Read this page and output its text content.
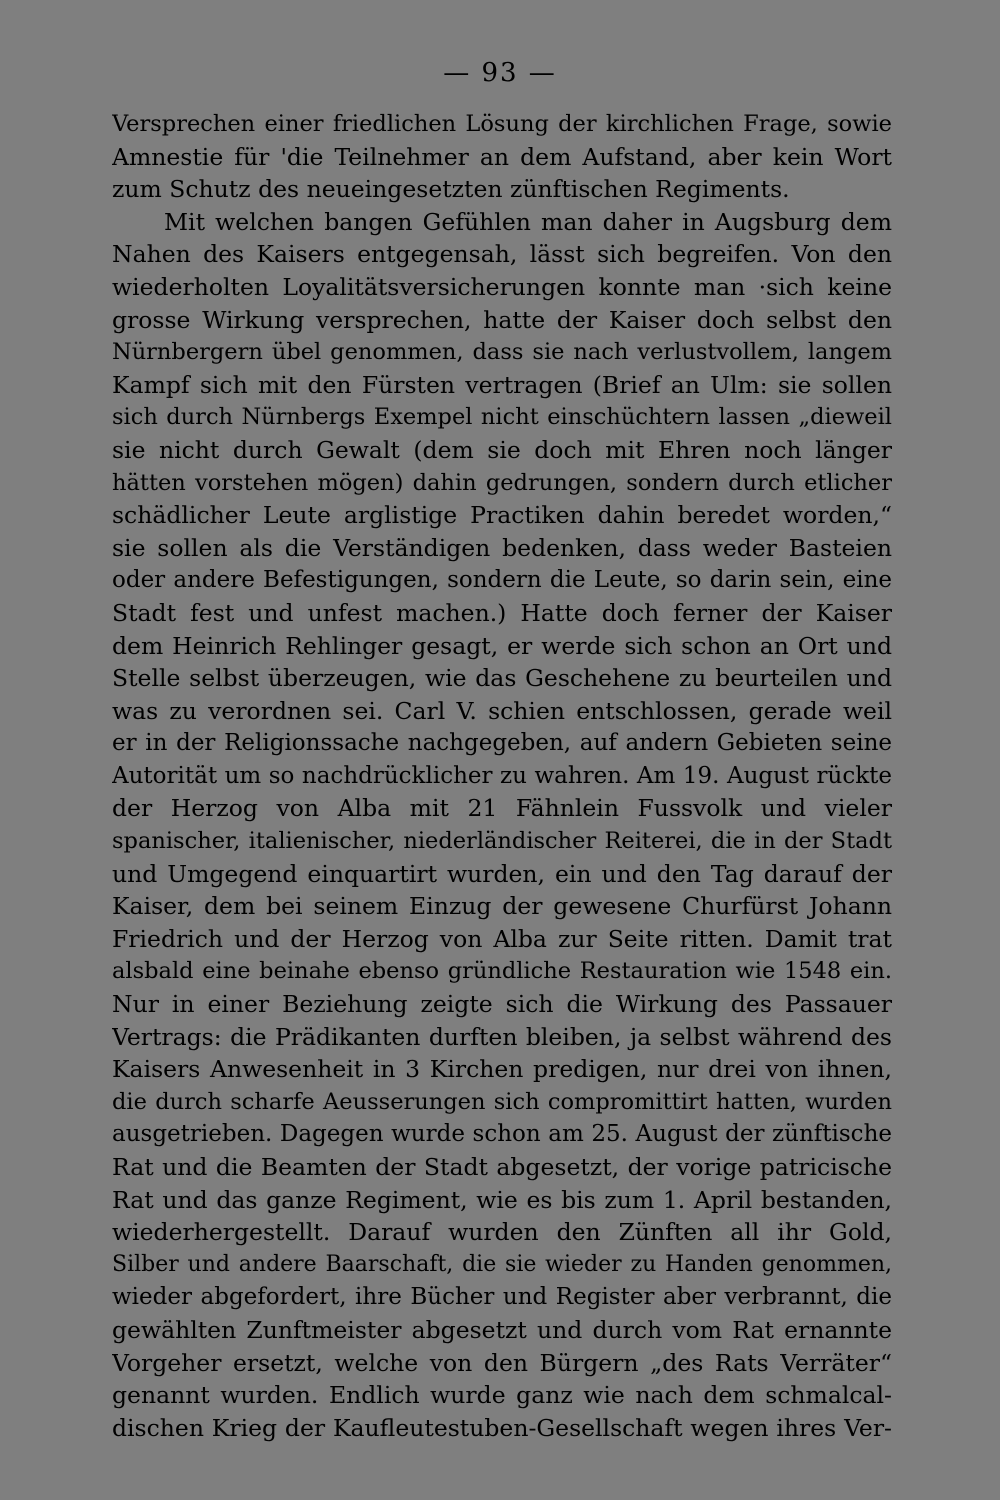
— 93 —
Versprechen einer friedlichen Lösung der kirchlichen Frage, sowie
Amnestie für 'die Teilnehmer an dem Aufstand, aber kein Wort
zum Schutz des neueingesetzten zünftischen Regiments.
Mit welchen bangen Gefühlen man daher in Augsburg dem
Nahen des Kaisers entgegensah, lässt sich begreifen. Von den
wiederholten Loyalitätsversicherungen konnte man ·sich keine
grosse Wirkung versprechen, hatte der Kaiser doch selbst den
Nürnbergern übel genommen, dass sie nach verlustvollem, langem
Kampf sich mit den Fürsten vertragen (Brief an Ulm: sie sollen
sich durch Nürnbergs Exempel nicht einschüchtern lassen „dieweil
sie nicht durch Gewalt (dem sie doch mit Ehren noch länger
hätten vorstehen mögen) dahin gedrungen, sondern durch etlicher
schädlicher Leute arglistige Practiken dahin beredet worden,“
sie sollen als die Verständigen bedenken, dass weder Basteien
oder andere Befestigungen, sondern die Leute, so darin sein, eine
Stadt fest und unfest machen.) Hatte doch ferner der Kaiser
dem Heinrich Rehlinger gesagt, er werde sich schon an Ort und
Stelle selbst überzeugen, wie das Geschehene zu beurteilen und
was zu verordnen sei. Carl V. schien entschlossen, gerade weil
er in der Religionssache nachgegeben, auf andern Gebieten seine
Autorität um so nachdrücklicher zu wahren. Am 19. August rückte
der Herzog von Alba mit 21 Fähnlein Fussvolk und vieler
spanischer, italienischer, niederländischer Reiterei, die in der Stadt
und Umgegend einquartirt wurden, ein und den Tag darauf der
Kaiser, dem bei seinem Einzug der gewesene Churfürst Johann
Friedrich und der Herzog von Alba zur Seite ritten. Damit trat
alsbald eine beinahe ebenso gründliche Restauration wie 1548 ein.
Nur in einer Beziehung zeigte sich die Wirkung des Passauer
Vertrags: die Prädikanten durften bleiben, ja selbst während des
Kaisers Anwesenheit in 3 Kirchen predigen, nur drei von ihnen,
die durch scharfe Aeusserungen sich compromittirt hatten, wurden
ausgetrieben. Dagegen wurde schon am 25. August der zünftische
Rat und die Beamten der Stadt abgesetzt, der vorige patricische
Rat und das ganze Regiment, wie es bis zum 1. April bestanden,
wiederhergestellt. Darauf wurden den Zünften all ihr Gold,
Silber und andere Baarschaft, die sie wieder zu Handen genommen,
wieder abgefordert, ihre Bücher und Register aber verbrannt, die
gewählten Zunftmeister abgesetzt und durch vom Rat ernannte
Vorgeher ersetzt, welche von den Bürgern „des Rats Verräter“
genannt wurden. Endlich wurde ganz wie nach dem schmalcal-
dischen Krieg der Kaufleutestuben-Gesellschaft wegen ihres Ver-
